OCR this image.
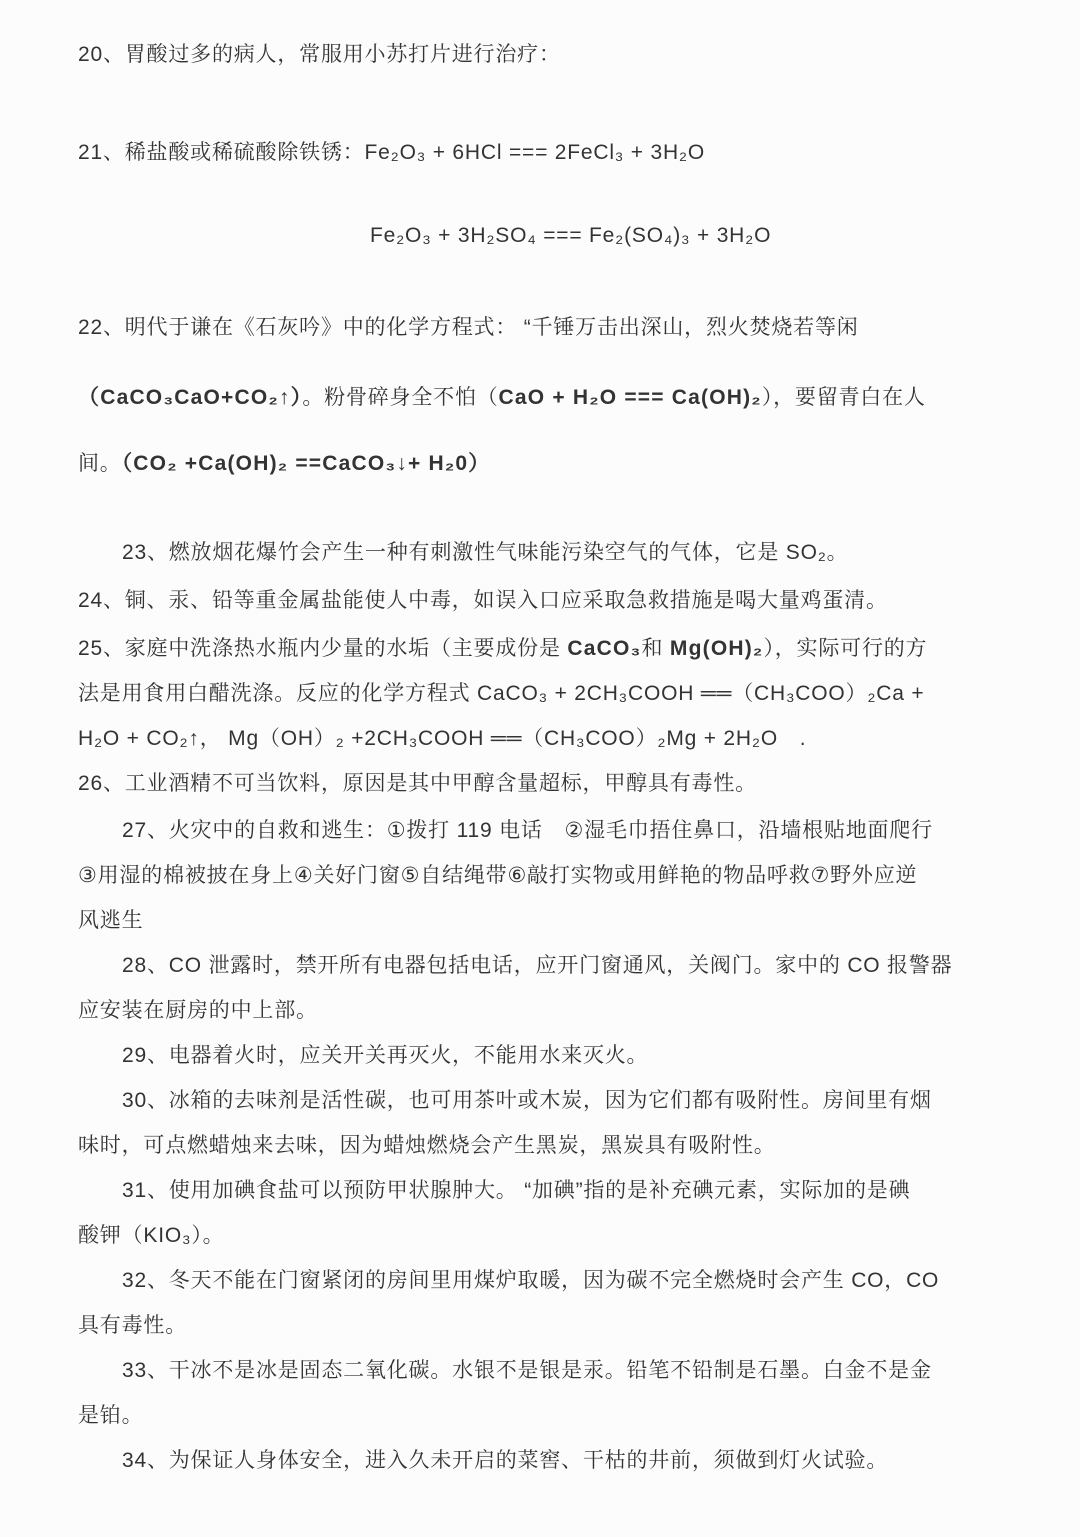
20、胃酸过多的病人，常服用小苏打片进行治疗：
21、稀盐酸或稀硫酸除铁锈：Fe₂O₃ + 6HCl === 2FeCl₃ + 3H₂O
Fe₂O₃ + 3H₂SO₄ === Fe₂(SO₄)₃ + 3H₂O
22、明代于谦在《石灰吟》中的化学方程式： “千锤万击出深山，烈火焚烧若等闲
（CaCO₃CaO+CO₂↑）。粉骨碎身全不怕（CaO + H₂O === Ca(OH)₂），要留青白在人
间。（CO₂ +Ca(OH)₂ ==CaCO₃↓+ H₂0）
23、燃放烟花爆竹会产生一种有刺激性气味能污染空气的气体，它是 SO₂。
24、铜、汞、铅等重金属盐能使人中毒，如误入口应采取急救措施是喝大量鸡蛋清。
25、家庭中洗涤热水瓶内少量的水垢（主要成份是 CaCO₃和 Mg(OH)₂），实际可行的方
法是用食用白醋洗涤。反应的化学方程式 CaCO₃ + 2CH₃COOH ══（CH₃COO）₂Ca +
H₂O + CO₂↑， Mg（OH）₂ +2CH₃COOH ══（CH₃COO）₂Mg + 2H₂O　.
26、工业酒精不可当饮料，原因是其中甲醇含量超标，甲醇具有毒性。
27、火灾中的自救和逃生：①拨打 119 电话　②湿毛巾捂住鼻口，沿墙根贴地面爬行
③用湿的棉被披在身上④关好门窗⑤自结绳带⑥敲打实物或用鲜艳的物品呼救⑦野外应逆
风逃生
28、CO 泄露时，禁开所有电器包括电话，应开门窗通风，关阀门。家中的 CO 报警器
应安装在厨房的中上部。
29、电器着火时，应关开关再灭火，不能用水来灭火。
30、冰箱的去味剂是活性碳，也可用茶叶或木炭，因为它们都有吸附性。房间里有烟
味时，可点燃蜡烛来去味，因为蜡烛燃烧会产生黑炭，黑炭具有吸附性。
31、使用加碘食盐可以预防甲状腺肿大。 “加碘”指的是补充碘元素，实际加的是碘
酸钾（KIO₃）。
32、冬天不能在门窗紧闭的房间里用煤炉取暖，因为碳不完全燃烧时会产生 CO，CO
具有毒性。
33、干冰不是冰是固态二氧化碳。水银不是银是汞。铅笔不铅制是石墨。白金不是金
是铂。
34、为保证人身体安全，进入久未开启的菜窖、干枯的井前，须做到灯火试验。
